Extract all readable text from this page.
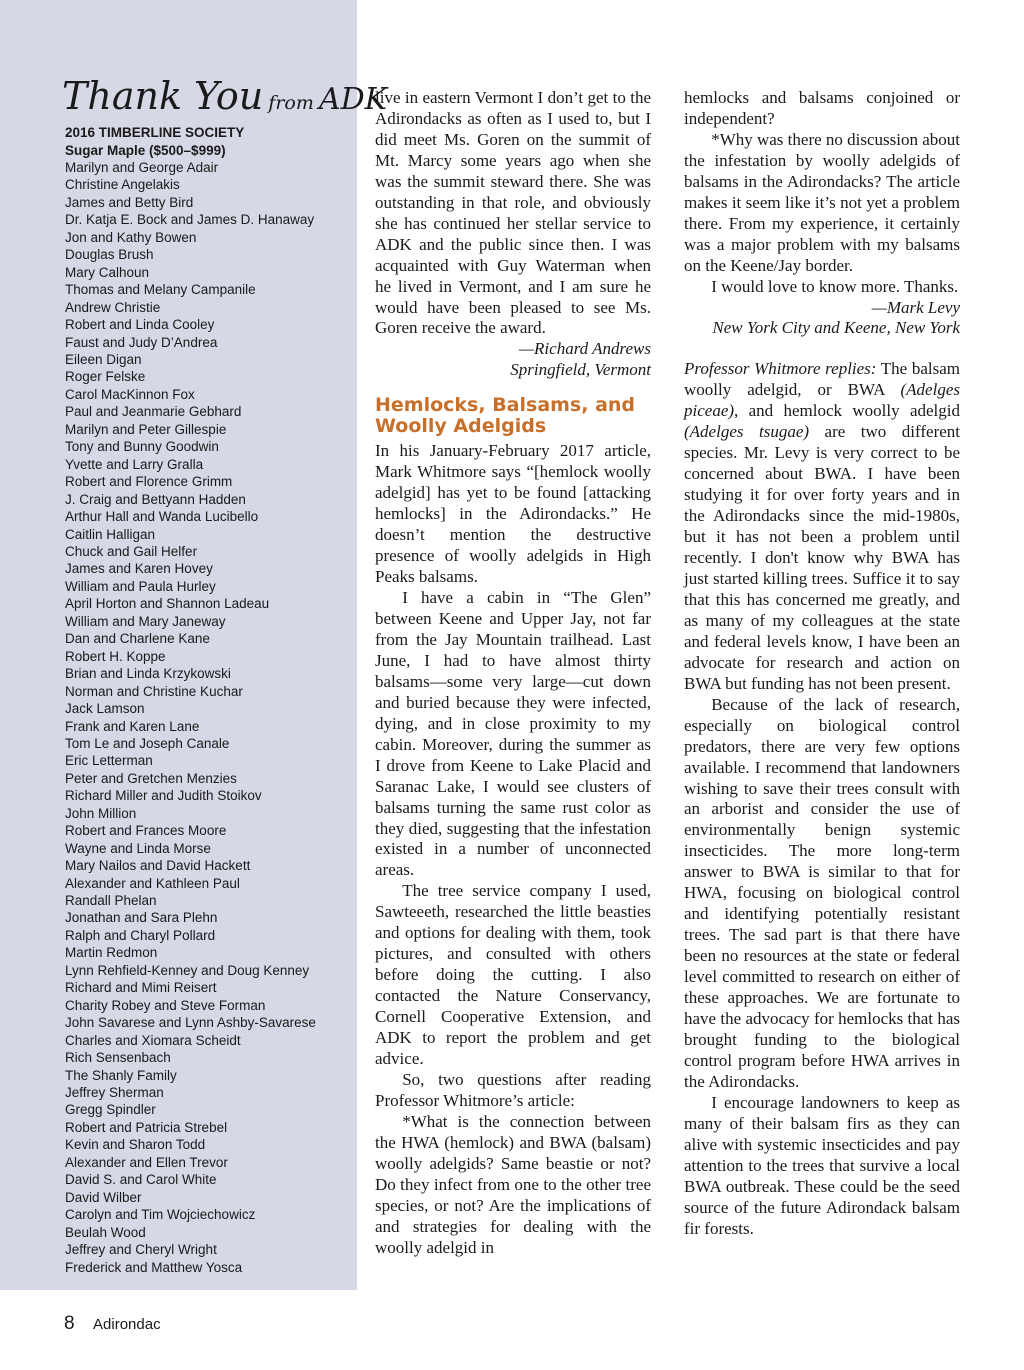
Thank You from ADK
2016 TIMBERLINE SOCIETY
Sugar Maple ($500–$999)
Marilyn and George Adair
Christine Angelakis
James and Betty Bird
Dr. Katja E. Bock and James D. Hanaway
Jon and Kathy Bowen
Douglas Brush
Mary Calhoun
Thomas and Melany Campanile
Andrew Christie
Robert and Linda Cooley
Faust and Judy D’Andrea
Eileen Digan
Roger Felske
Carol MacKinnon Fox
Paul and Jeanmarie Gebhard
Marilyn and Peter Gillespie
Tony and Bunny Goodwin
Yvette and Larry Gralla
Robert and Florence Grimm
J. Craig and Bettyann Hadden
Arthur Hall and Wanda Lucibello
Caitlin Halligan
Chuck and Gail Helfer
James and Karen Hovey
William and Paula Hurley
April Horton and Shannon Ladeau
William and Mary Janeway
Dan and Charlene Kane
Robert H. Koppe
Brian and Linda Krzykowski
Norman and Christine Kuchar
Jack Lamson
Frank and Karen Lane
Tom Le and Joseph Canale
Eric Letterman
Peter and Gretchen Menzies
Richard Miller and Judith Stoikov
John Million
Robert and Frances Moore
Wayne and Linda Morse
Mary Nailos and David Hackett
Alexander and Kathleen Paul
Randall Phelan
Jonathan and Sara Plehn
Ralph and Charyl Pollard
Martin Redmon
Lynn Rehfield-Kenney and Doug Kenney
Richard and Mimi Reisert
Charity Robey and Steve Forman
John Savarese and Lynn Ashby-Savarese
Charles and Xiomara Scheidt
Rich Sensenbach
The Shanly Family
Jeffrey Sherman
Gregg Spindler
Robert and Patricia Strebel
Kevin and Sharon Todd
Alexander and Ellen Trevor
David S. and Carol White
David Wilber
Carolyn and Tim Wojciechowicz
Beulah Wood
Jeffrey and Cheryl Wright
Frederick and Matthew Yosca

live in eastern Vermont I don’t get to the Adirondacks as often as I used to, but I did meet Ms. Goren on the summit of Mt. Marcy some years ago when she was the summit steward there. She was outstanding in that role, and obviously she has continued her stellar service to ADK and the public since then. I was acquainted with Guy Waterman when he lived in Vermont, and I am sure he would have been pleased to see Ms. Goren receive the award.

—Richard Andrews

Springfield, Vermont

Hemlocks, Balsams, and Woolly Adelgids

In his January-February 2017 article, Mark Whitmore says “[hemlock woolly adelgid] has yet to be found [attacking hemlocks] in the Adirondacks.” He doesn’t mention the destructive presence of woolly adelgids in High Peaks balsams.

I have a cabin in “The Glen” between Keene and Upper Jay, not far from the Jay Mountain trailhead. Last June, I had to have almost thirty balsams—some very large—cut down and buried because they were infected, dying, and in close proximity to my cabin. Moreover, during the summer as I drove from Keene to Lake Placid and Saranac Lake, I would see clusters of balsams turning the same rust color as they died, suggesting that the infestation existed in a number of unconnected areas.

The tree service company I used, Sawteeeth, researched the little beasties and options for dealing with them, took pictures, and consulted with others before doing the cutting. I also contacted the Nature Conservancy, Cornell Cooperative Extension, and ADK to report the problem and get advice.

So, two questions after reading Professor Whitmore’s article:

*What is the connection between the HWA (hemlock) and BWA (balsam) woolly adelgids? Same beastie or not? Do they infect from one to the other tree species, or not? Are the implications of and strategies for dealing with the woolly adelgid in

hemlocks and balsams conjoined or independent?

*Why was there no discussion about the infestation by woolly adelgids of balsams in the Adirondacks? The article makes it seem like it’s not yet a problem there. From my experience, it certainly was a major problem with my balsams on the Keene/Jay border.

I would love to know more. Thanks.

—Mark Levy

New York City and Keene, New York

Professor Whitmore replies: The balsam woolly adelgid, or BWA (Adelges piceae), and hemlock woolly adelgid (Adelges tsugae) are two different species. Mr. Levy is very correct to be concerned about BWA. I have been studying it for over forty years and in the Adirondacks since the mid-1980s, but it has not been a problem until recently. I don't know why BWA has just started killing trees. Suffice it to say that this has concerned me greatly, and as many of my colleagues at the state and federal levels know, I have been an advocate for research and action on BWA but funding has not been present.

Because of the lack of research, especially on biological control predators, there are very few options available. I recommend that landowners wishing to save their trees consult with an arborist and consider the use of environmentally benign systemic insecticides. The more long-term answer to BWA is similar to that for HWA, focusing on biological control and identifying potentially resistant trees. The sad part is that there have been no resources at the state or federal level committed to research on either of these approaches. We are fortunate to have the advocacy for hemlocks that has brought funding to the biological control program before HWA arrives in the Adirondacks.

I encourage landowners to keep as many of their balsam firs as they can alive with systemic insecticides and pay attention to the trees that survive a local BWA outbreak. These could be the seed source of the future Adirondack balsam fir forests.

8 Adirondac
